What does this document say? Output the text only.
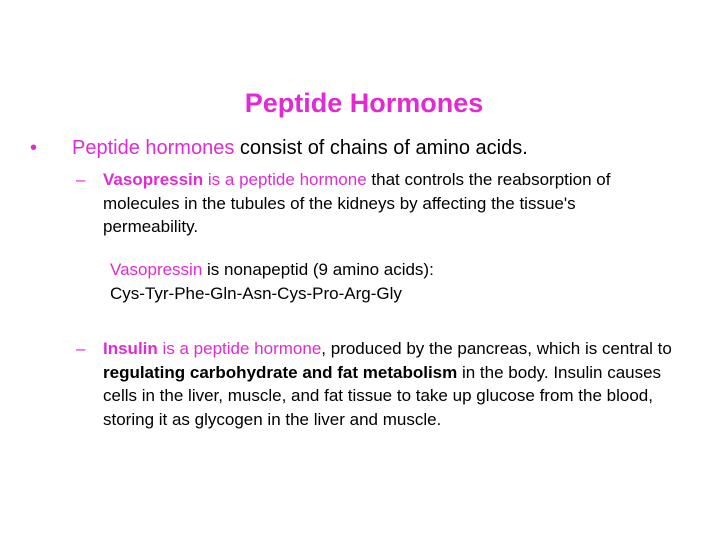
Peptide Hormones
• Peptide hormones consist of chains of amino acids.
– Vasopressin is a peptide hormone that controls the reabsorption of molecules in the tubules of the kidneys by affecting the tissue's permeability.
Vasopressin is nonapeptid (9 amino acids):
Cys-Tyr-Phe-Gln-Asn-Cys-Pro-Arg-Gly
– Insulin is a peptide hormone, produced by the pancreas, which is central to regulating carbohydrate and fat metabolism in the body. Insulin causes cells in the liver, muscle, and fat tissue to take up glucose from the blood, storing it as glycogen in the liver and muscle.
